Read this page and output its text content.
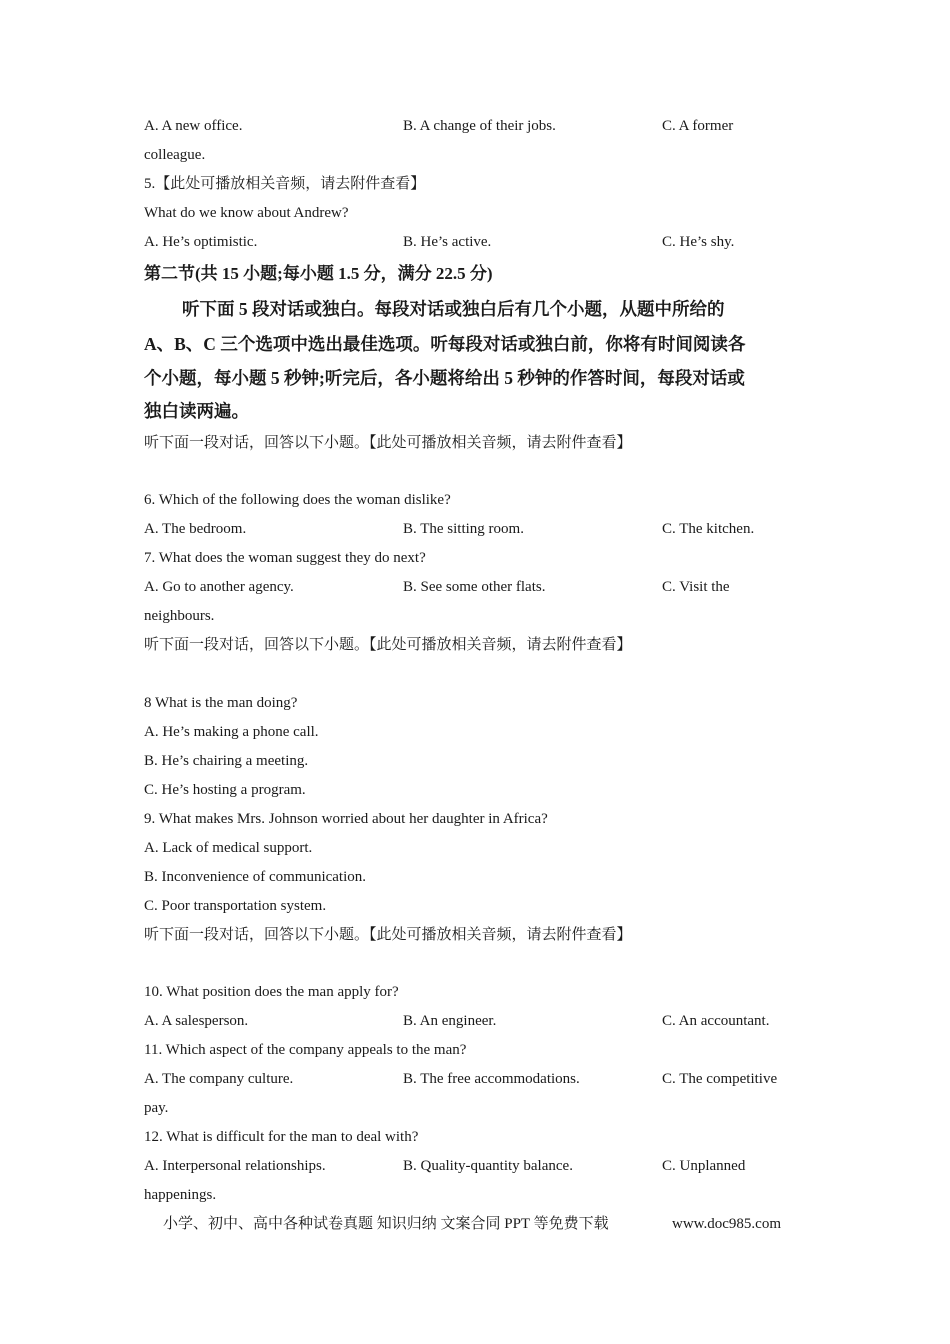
A. A new office.	B. A change of their jobs.	C. A former
colleague.
5.【此处可播放相关音频，请去附件查看】
What do we know about Andrew?
A. He’s optimistic.	B. He’s active.	C. He’s shy.
第二节(共 15 小题;每小题 1.5 分，满分 22.5 分)
听下面 5 段对话或独白。每段对话或独白后有几个小题，从题中所给的
A、B、C 三个选项中选出最佳选项。听每段对话或独白前，你将有时间阅读各
个小题，每小题 5 秒钟;听完后，各小题将给出 5 秒钟的作答时间，每段对话或
独白读两遍。
听下面一段对话，回答以下小题。【此处可播放相关音频，请去附件查看】
6. Which of the following does the woman dislike?
A. The bedroom.	B. The sitting room.	C. The kitchen.
7. What does the woman suggest they do next?
A. Go to another agency.	B. See some other flats.	C. Visit the
neighbours.
听下面一段对话，回答以下小题。【此处可播放相关音频，请去附件查看】
8 What is the man doing?
A. He’s making a phone call.
B. He’s chairing a meeting.
C. He’s hosting a program.
9. What makes Mrs. Johnson worried about her daughter in Africa?
A. Lack of medical support.
B. Inconvenience of communication.
C. Poor transportation system.
听下面一段对话，回答以下小题。【此处可播放相关音频，请去附件查看】
10. What position does the man apply for?
A. A salesperson.	B. An engineer.	C. An accountant.
11. Which aspect of the company appeals to the man?
A. The company culture.	B. The free accommodations.	C. The competitive
pay.
12. What is difficult for the man to deal with?
A. Interpersonal relationships.	B. Quality-quantity balance.	C. Unplanned
happenings.
小学、初中、高中各种试卷真题 知识归纳 文案合同 PPT 等免费下载	www.doc985.com
